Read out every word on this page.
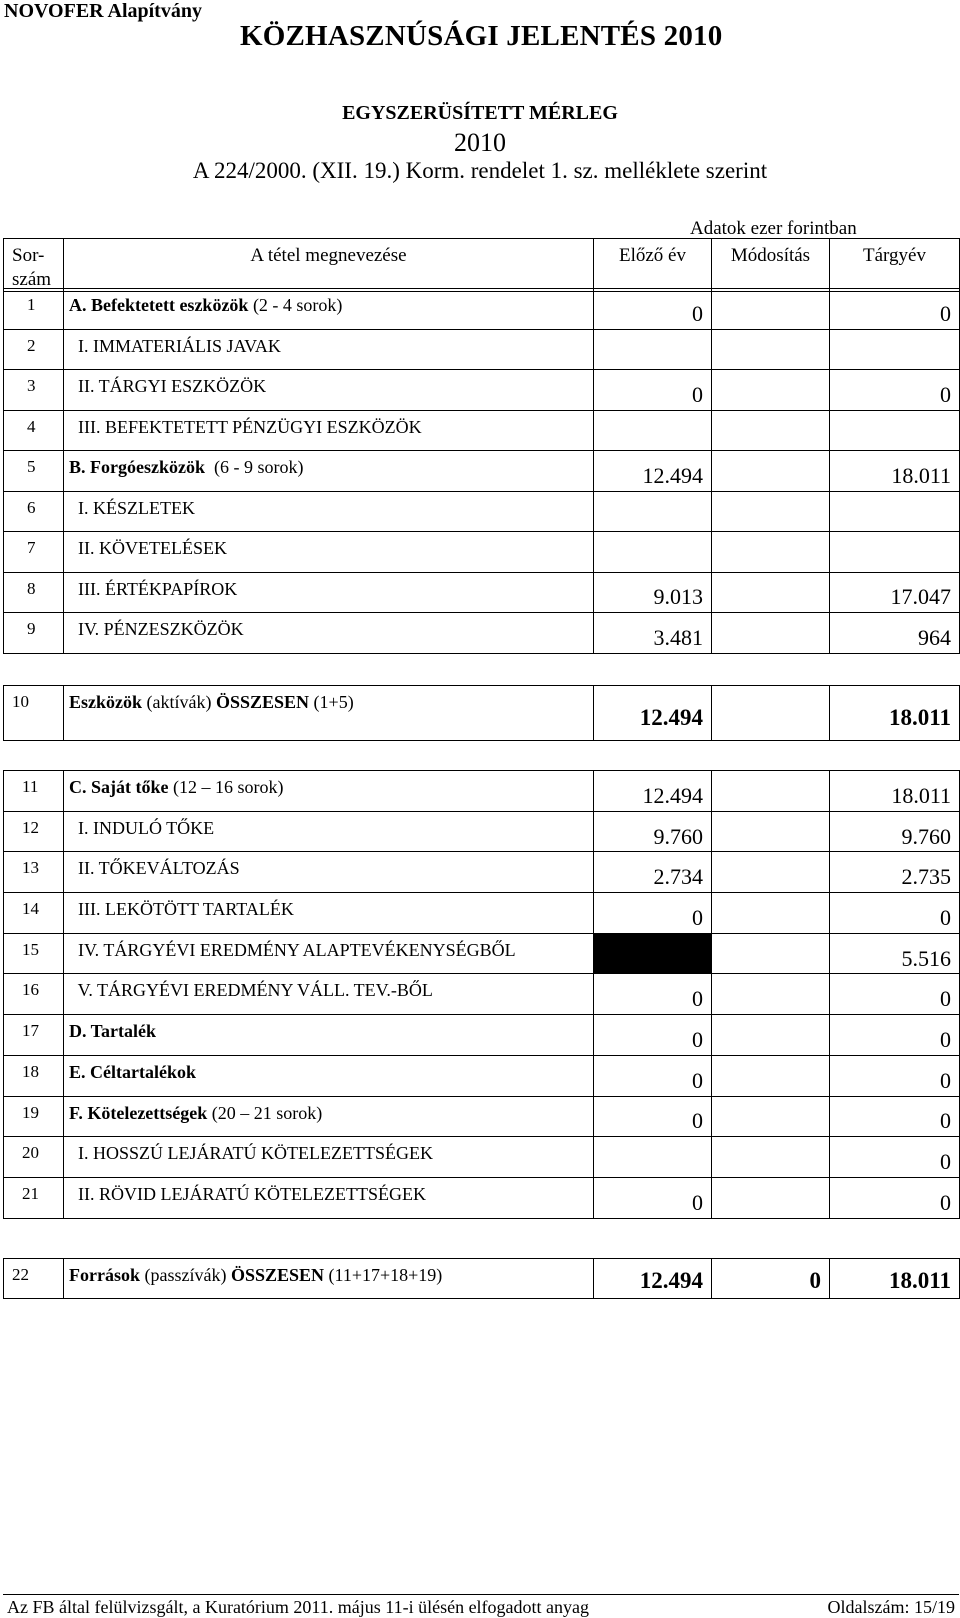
NOVOFER Alapítvány
KÖZHASZNÚSÁGI JELENTÉS 2010
EGYSZERÜSÍTETT MÉRLEG
2010
A 224/2000. (XII. 19.) Korm. rendelet 1. sz. melléklete szerint
Adatok ezer forintban
Sor-
szám
	A tétel megnevezése	Előző év	Módosítás	Tárgyév
1	A. Befektetett eszközök (2 - 4 sorok)	0		0
2	I. IMMATERIÁLIS JAVAK			
3	II. TÁRGYI ESZKÖZÖK	0		0
4	III. BEFEKTETETT PÉNZÜGYI ESZKÖZÖK			
5	B. Forgóeszközök  (6 - 9 sorok)	12.494		18.011
6	I. KÉSZLETEK			
7	II. KÖVETELÉSEK			
8	III. ÉRTÉKPAPÍROK	9.013		17.047
9	IV. PÉNZESZKÖZÖK	3.481		964
10	Eszközök (aktívák) ÖSSZESEN (1+5)	12.494		18.011
11	C. Saját tőke (12 – 16 sorok)	12.494		18.011
12	I. INDULÓ TŐKE	9.760		9.760
13	II. TŐKEVÁLTOZÁS	2.734		2.735
14	III. LEKÖTÖTT TARTALÉK	0		0
15	IV. TÁRGYÉVI EREDMÉNY ALAPTEVÉKENYSÉGBŐL			5.516
16	V. TÁRGYÉVI EREDMÉNY VÁLL. TEV.-BŐL	0		0
17	D. Tartalék	0		0
18	E. Céltartalékok	0		0
19	F. Kötelezettségek (20 – 21 sorok)	0		0
20	I. HOSSZÚ LEJÁRATÚ KÖTELEZETTSÉGEK			0
21	II. RÖVID LEJÁRATÚ KÖTELEZETTSÉGEK	0		0
22	Források (passzívák) ÖSSZESEN (11+17+18+19)	12.494	0	18.011
Az FB által felülvizsgált, a Kuratórium 2011. május 11-i ülésén elfogadott anyag	Oldalszám: 15/19
